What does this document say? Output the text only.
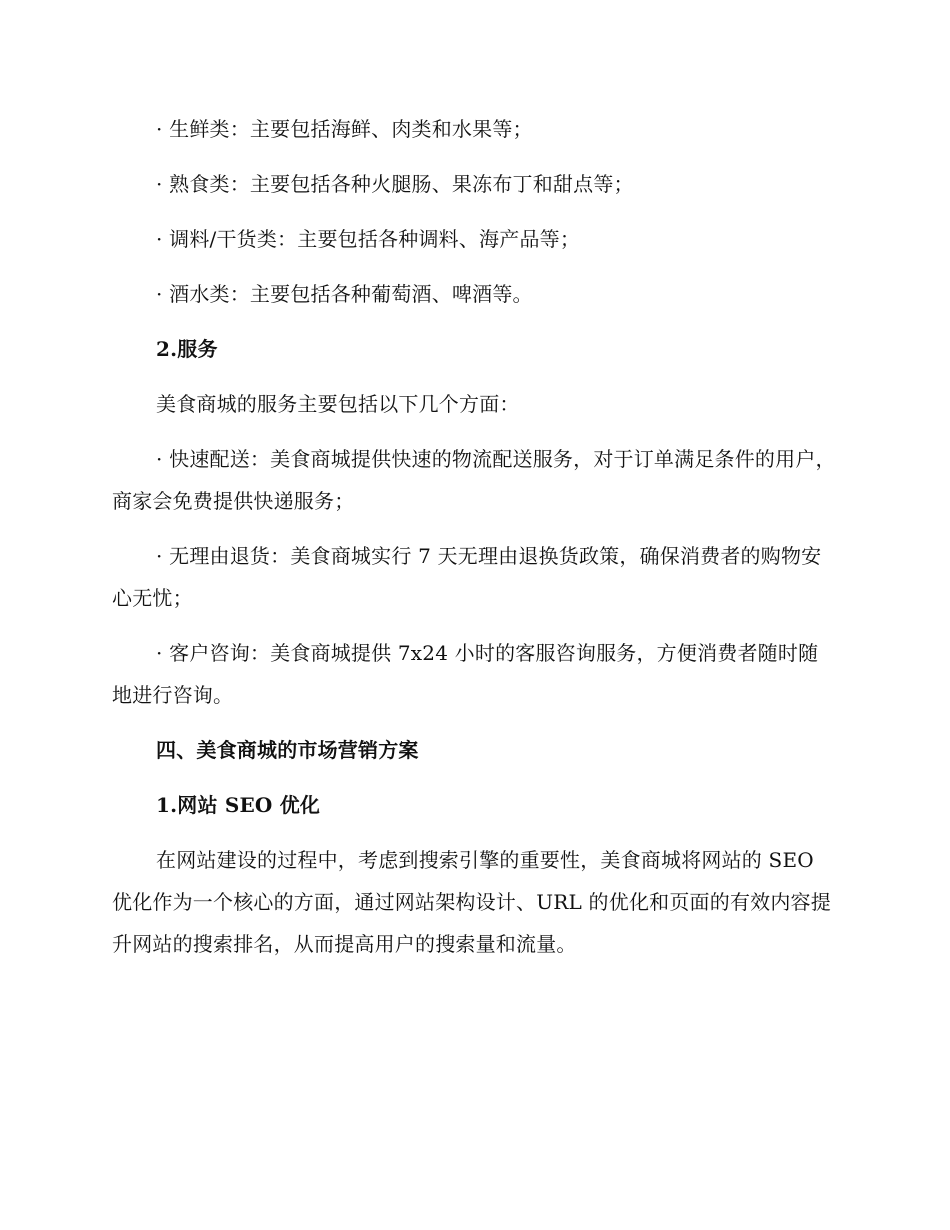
· 生鲜类：主要包括海鲜、肉类和水果等；

· 熟食类：主要包括各种火腿肠、果冻布丁和甜点等；

· 调料/干货类：主要包括各种调料、海产品等；

· 酒水类：主要包括各种葡萄酒、啤酒等。

2.服务

美食商城的服务主要包括以下几个方面：

· 快速配送：美食商城提供快速的物流配送服务，对于订单满足条件的用户，商家会免费提供快递服务；

· 无理由退货：美食商城实行 7 天无理由退换货政策，确保消费者的购物安心无忧；

· 客户咨询：美食商城提供 7x24 小时的客服咨询服务，方便消费者随时随地进行咨询。

四、美食商城的市场营销方案

1.网站 SEO 优化

在网站建设的过程中，考虑到搜索引擎的重要性，美食商城将网站的 SEO 优化作为一个核心的方面，通过网站架构设计、URL 的优化和页面的有效内容提升网站的搜索排名，从而提高用户的搜索量和流量。
